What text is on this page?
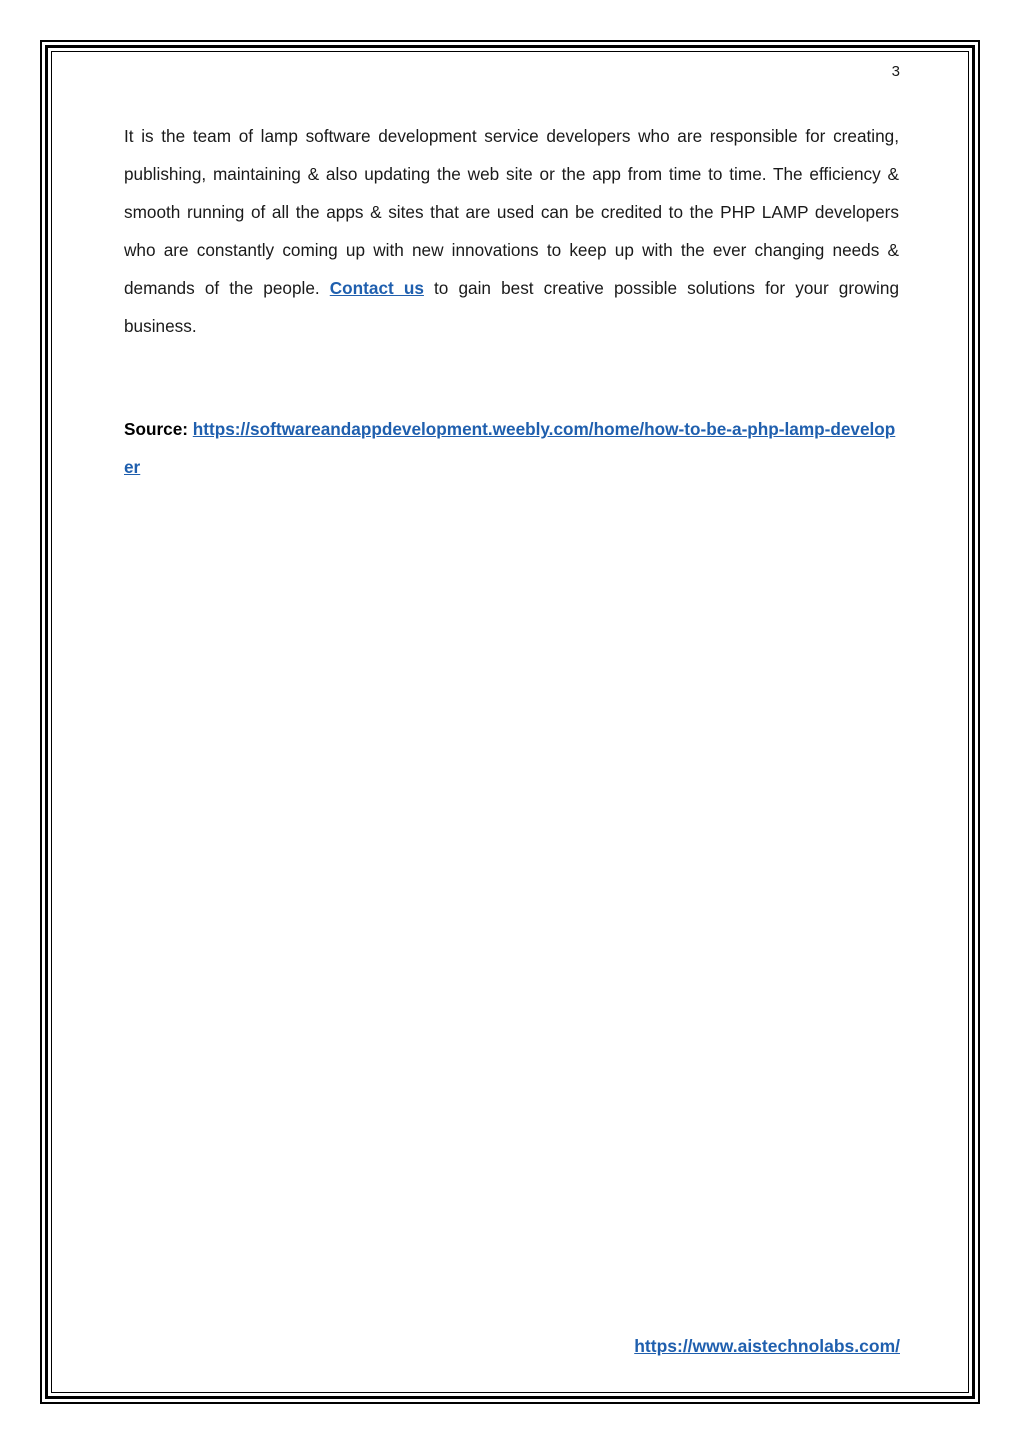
3

It is the team of lamp software development service developers who are responsible for creating, publishing, maintaining & also updating the web site or the app from time to time. The efficiency & smooth running of all the apps & sites that are used can be credited to the PHP LAMP developers who are constantly coming up with new innovations to keep up with the ever changing needs & demands of the people. Contact us to gain best creative possible solutions for your growing business.

Source: https://softwareandappdevelopment.weebly.com/home/how-to-be-a-php-lamp-developer

https://www.aistechnolabs.com/
